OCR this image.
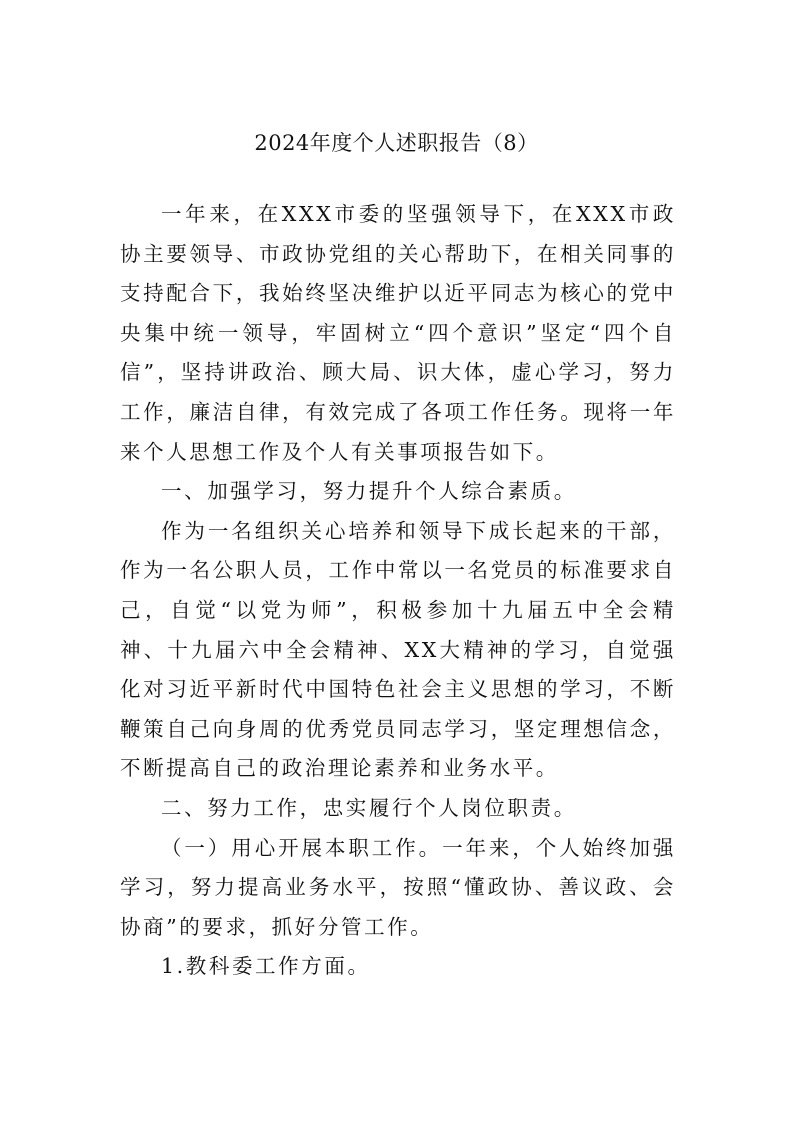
2024年度个人述职报告（8）

一年来，在XXX市委的坚强领导下，在XXX市政协主要领导、市政协党组的关心帮助下，在相关同事的支持配合下，我始终坚决维护以近平同志为核心的党中央集中统一领导，牢固树立“四个意识”坚定“四个自信”，坚持讲政治、顾大局、识大体，虚心学习，努力工作，廉洁自律，有效完成了各项工作任务。现将一年来个人思想工作及个人有关事项报告如下。

一、加强学习，努力提升个人综合素质。

作为一名组织关心培养和领导下成长起来的干部，作为一名公职人员，工作中常以一名党员的标准要求自己，自觉“以党为师”，积极参加十九届五中全会精神、十九届六中全会精神、XX大精神的学习，自觉强化对习近平新时代中国特色社会主义思想的学习，不断鞭策自己向身周的优秀党员同志学习，坚定理想信念，不断提高自己的政治理论素养和业务水平。

二、努力工作，忠实履行个人岗位职责。

（一）用心开展本职工作。一年来，个人始终加强学习，努力提高业务水平，按照“懂政协、善议政、会协商”的要求，抓好分管工作。

1.教科委工作方面。
